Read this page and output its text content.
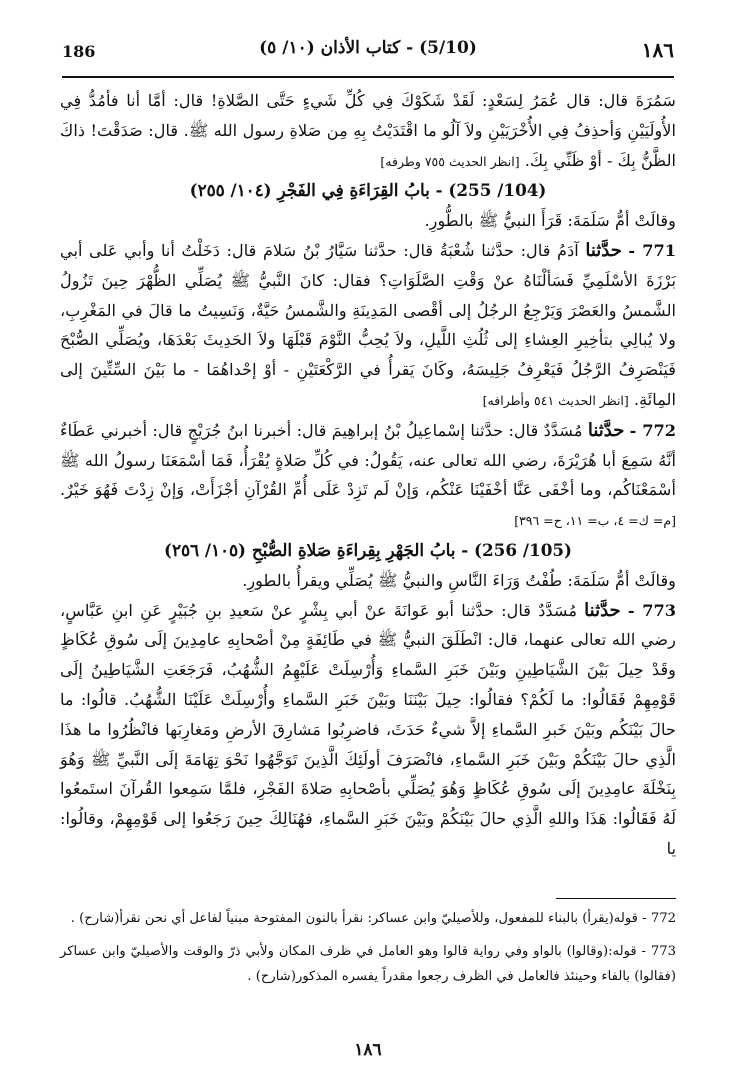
186	(5/10) - كتاب الأذان (١٠/ ٥)	١٨٦

سَمُرَةَ قال: قال عُمَرُ لِسَعْدٍ: لَقَدْ شَكَوْكَ فِي كُلِّ شَيءٍ حَتَّى الصَّلاةِ! قال: أمَّا أنا فأمُدُّ فِي الأُولَيَيْنِ وَأحذِفُ فِي الأُخْرَيَيْنِ ولاَ آلُو ما اقْتَدَيْتُ بِهِ مِن صَلاةِ رسول الله ﷺ. قال: صَدَقْتَ! ذاكَ الظَّنُّ بِكَ - أوْ ظَنِّي بِكَ. [انظر الحديث ٧٥٥ وطرفه]

(104/ 255) - بابُ القِرَاءَةِ فِي الفَجْرِ (١٠٤/ ٢٥٥)

وقالَتْ أمُّ سَلَمَةَ: قَرَأَ النبيُّ ﷺ بالطُّورِ.

771 - حدَّثنا آدَمُ قال: حدَّثنا شُعْبَةُ قال: حدَّثنا سَيَّارُ بْنُ سَلامَ قال: دَخَلْتُ أنا وأبي عَلى أبي بَرْزَةَ الأسْلَمِيِّ فَسَألْنَاهُ عنْ وَقْتِ الصَّلَوَاتِ؟ فقال: كانَ النَّبيُّ ﷺ يُصَلِّي الظُّهْرَ حِينَ تَزُولُ الشَّمسُ والعَصْرَ وَيَرْجِعُ الرجُلُ إلى أقْصى المَدِينَةِ والشَّمسُ حَيَّةٌ، وَنَسِيتُ ما قالَ في المَغْرِبِ، ولا يُبالِي بتأخِيرِ العِشاءِ إلى ثُلُثِ اللَّيلِ، ولاَ يُحِبُّ النَّوْمَ قَبْلَهَا ولاَ الحَدِيثَ بَعْدَهَا، ويُصَلِّي الصُّبْحَ فَيَنْصَرِفُ الرَّجُلُ فَيَعْرِفُ جَلِيسَهُ، وكَانَ يَقرأُ في الرَّكْعَتَيْنِ - أوْ إحْداهُمَا - ما بَيْنَ السِّتِّينَ إلى المِائَةِ. [انظر الحديث ٥٤١ وأطرافه]

772 - حدَّثنا مُسَدَّدٌ قال: حدَّثنا إسْماعِيلُ بْنُ إبراهِيمَ قال: أخبرنا ابنُ جُرَيْجٍ قال: أخبرني عَطَاءٌ أنَّهُ سَمِعَ أبا هُرَيْرَةَ، رضي الله تعالى عنه، يَقُولُ: في كُلِّ صَلاةٍ يُقْرَأُ، فَمَا أسْمَعَنَا رسولُ الله ﷺ أسْمَعْنَاكُم، وما أخْفَى عَنَّا أخْفَيْنَا عَنْكُم، وَإنْ لَم تَزِدْ عَلَى أُمِّ القُرْآنِ أجْزَأَتْ، وَإنْ زِدْتَ فَهُوَ خَيْرٌ. [م= ك= ٤، ب= ١١، ح= ٣٩٦]

(105/ 256) - بابُ الجَهْرِ بِقِراءَةِ صَلاةِ الصُّبْحِ (١٠٥/ ٢٥٦)

وقالَتْ أمُّ سَلَمَةَ: طُفْتُ وَرَاءَ النَّاسِ والنبيُّ ﷺ يُصَلِّي ويقرأُ بالطورِ.

773 - حدَّثنا مُسَدَّدٌ قال: حدَّثنا أبو عَوانَةَ عنْ أبي بِشْرٍ عنْ سَعيدِ بنِ جُبَيْرٍ عَنِ ابنِ عَبَّاسٍ، رضي الله تعالى عنهما، قال: انْطَلَقَ النبيُّ ﷺ في طَائِفَةٍ مِنْ أصْحابِهِ عامِدِينَ إلَى سُوقِ عُكَاظٍ وقَدْ حِيلَ بَيْنَ الشَّيَاطِينِ وبَيْنَ خَبَرِ السَّماءِ وَأُرْسِلَتْ عَلَيْهِمُ الشُّهُبُ، فَرَجَعَتِ الشَّيَاطِينُ إلَى قَوْمِهِمْ فَقَالُوا: ما لَكُمْ؟ فقالُوا: حِيلَ بَيْنَنَا وبَيْنَ خَبَرِ السَّماءِ وأُرْسِلَتْ عَلَيْنَا الشُّهُبُ. قالُوا: ما حالَ بَيْنَكُم وبَيْنَ خَبرِ السَّماءِ إلاَّ شيءٌ حَدَثَ، فاضرِبُوا مَشارِقَ الأرضِ ومَغارِبَها فانْظُرُوا ما هذَا الَّذِي حالَ بَيْنَكُمْ وبَيْنَ خَبَرِ السَّماءِ، فانْصَرَفَ أولَئِكَ الَّذِينَ تَوَجَّهُوا نَحْوَ تِهَامَةَ إلَى النَّبيِّ ﷺ وَهُوَ بِنَخْلَةَ عامِدِينَ إلَى سُوقِ عُكَاظٍ وَهُوَ يُصَلِّي بأصْحابِهِ صَلاةَ الفَجْرِ، فلمَّا سَمِعوا القُرآنَ استَمعُوا لَهُ فَقَالُوا: هَذَا واللهِ الَّذِي حالَ بَيْنَكُمْ وبَيْنَ خَبَرِ السَّماءِ، فهُنَالِكَ حِينَ رَجَعُوا إلى قَوْمِهِمْ، وقالُوا: يا

772 - قوله(يقرأ) بالبناء للمفعول، وللأصيليّ وابن عساكر: نقرأ بالنون المفتوحة مبنياً لفاعل أي نحن نقرأ(شارح) .

773 - قوله:(وقالوا) بالواو وفي رواية قالوا وهو العامل في ظرف المكان ولأبي ذرّ والوقت والأصيليّ وابن عساكر (فقالوا) بالفاء وحينئذ فالعامل في الظرف رجعوا مقدراً يفسره المذكور(شارح) .

١٨٦
